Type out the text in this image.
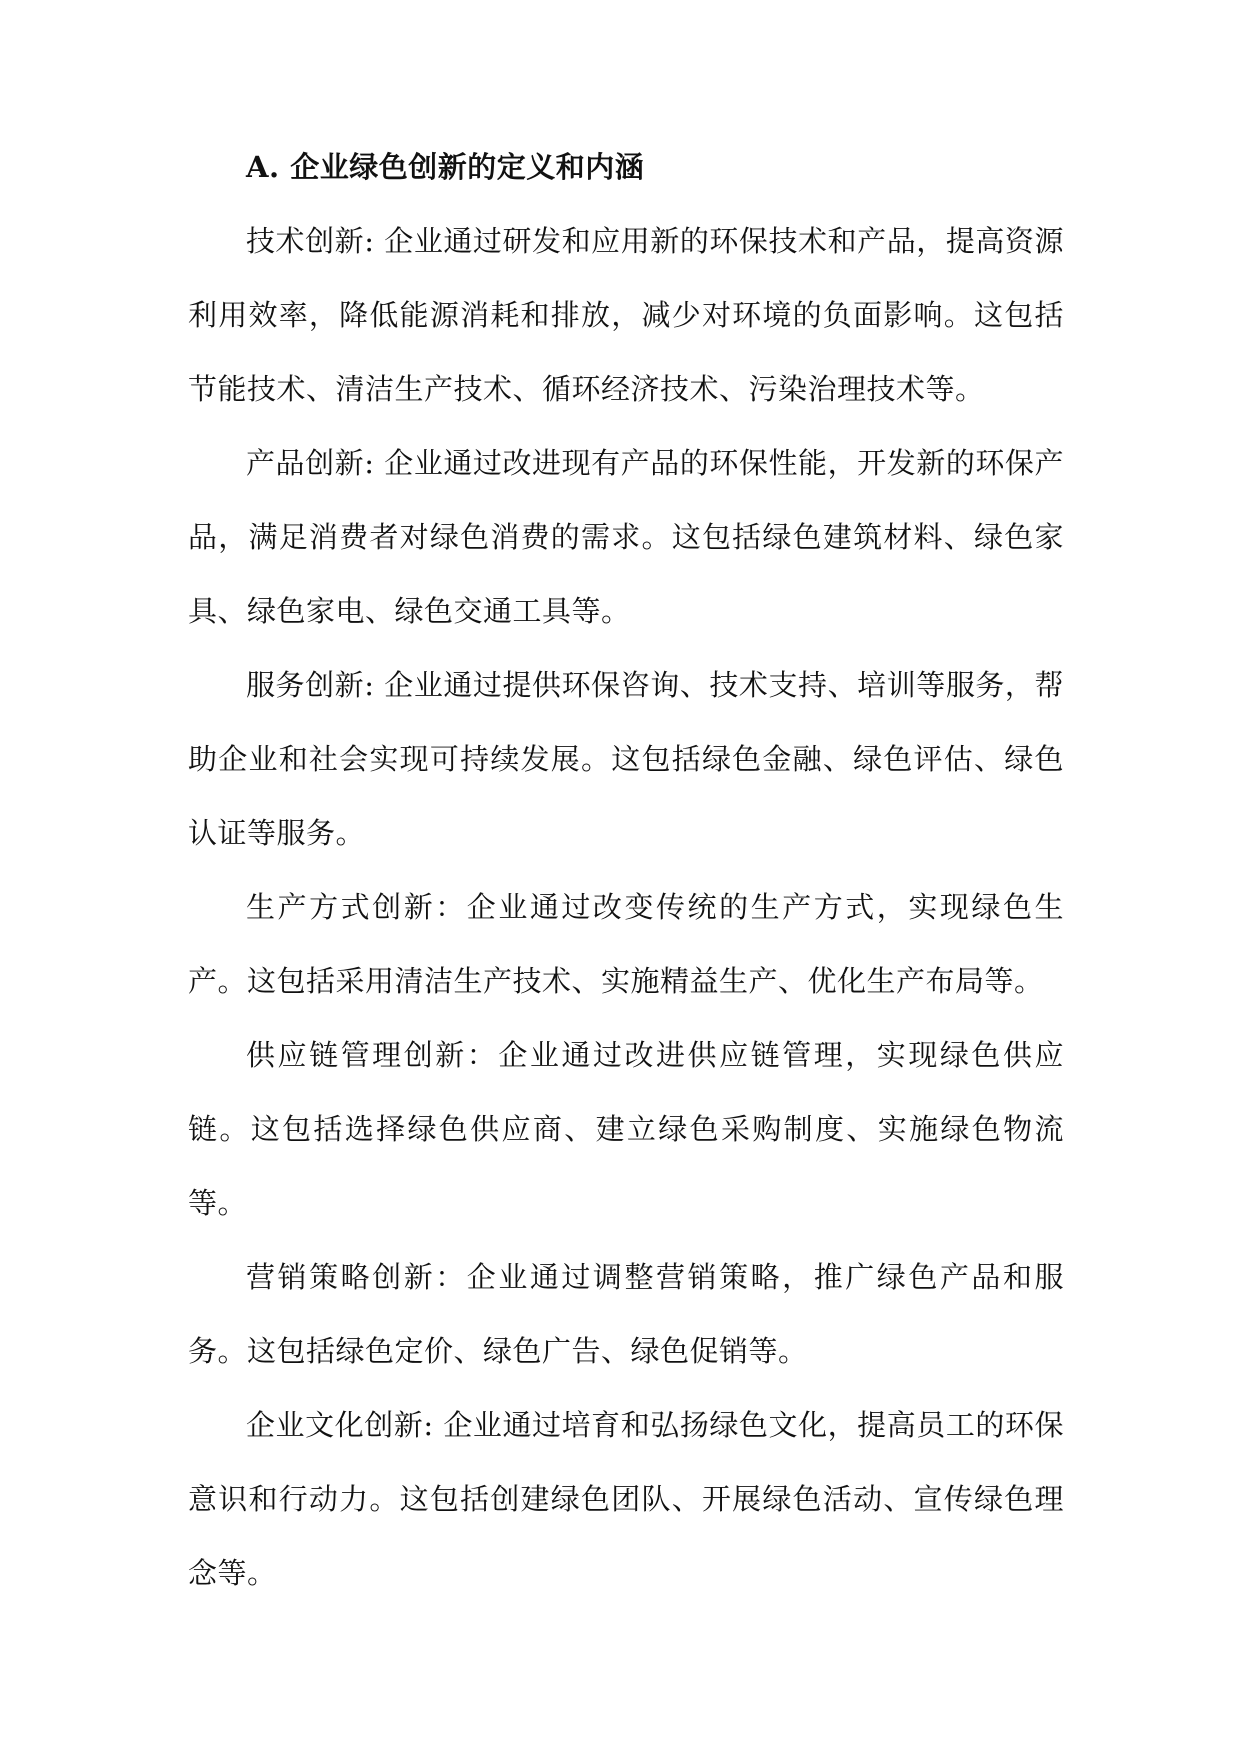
A. 企业绿色创新的定义和内涵

技术创新: 企业通过研发和应用新的环保技术和产品，提高资源利用效率，降低能源消耗和排放，减少对环境的负面影响。这包括节能技术、清洁生产技术、循环经济技术、污染治理技术等。

产品创新: 企业通过改进现有产品的环保性能，开发新的环保产品，满足消费者对绿色消费的需求。这包括绿色建筑材料、绿色家具、绿色家电、绿色交通工具等。

服务创新: 企业通过提供环保咨询、技术支持、培训等服务，帮助企业和社会实现可持续发展。这包括绿色金融、绿色评估、绿色认证等服务。

生产方式创新：企业通过改变传统的生产方式，实现绿色生产。这包括采用清洁生产技术、实施精益生产、优化生产布局等。

供应链管理创新：企业通过改进供应链管理，实现绿色供应链。这包括选择绿色供应商、建立绿色采购制度、实施绿色物流等。

营销策略创新：企业通过调整营销策略，推广绿色产品和服务。这包括绿色定价、绿色广告、绿色促销等。

企业文化创新: 企业通过培育和弘扬绿色文化，提高员工的环保意识和行动力。这包括创建绿色团队、开展绿色活动、宣传绿色理念等。
